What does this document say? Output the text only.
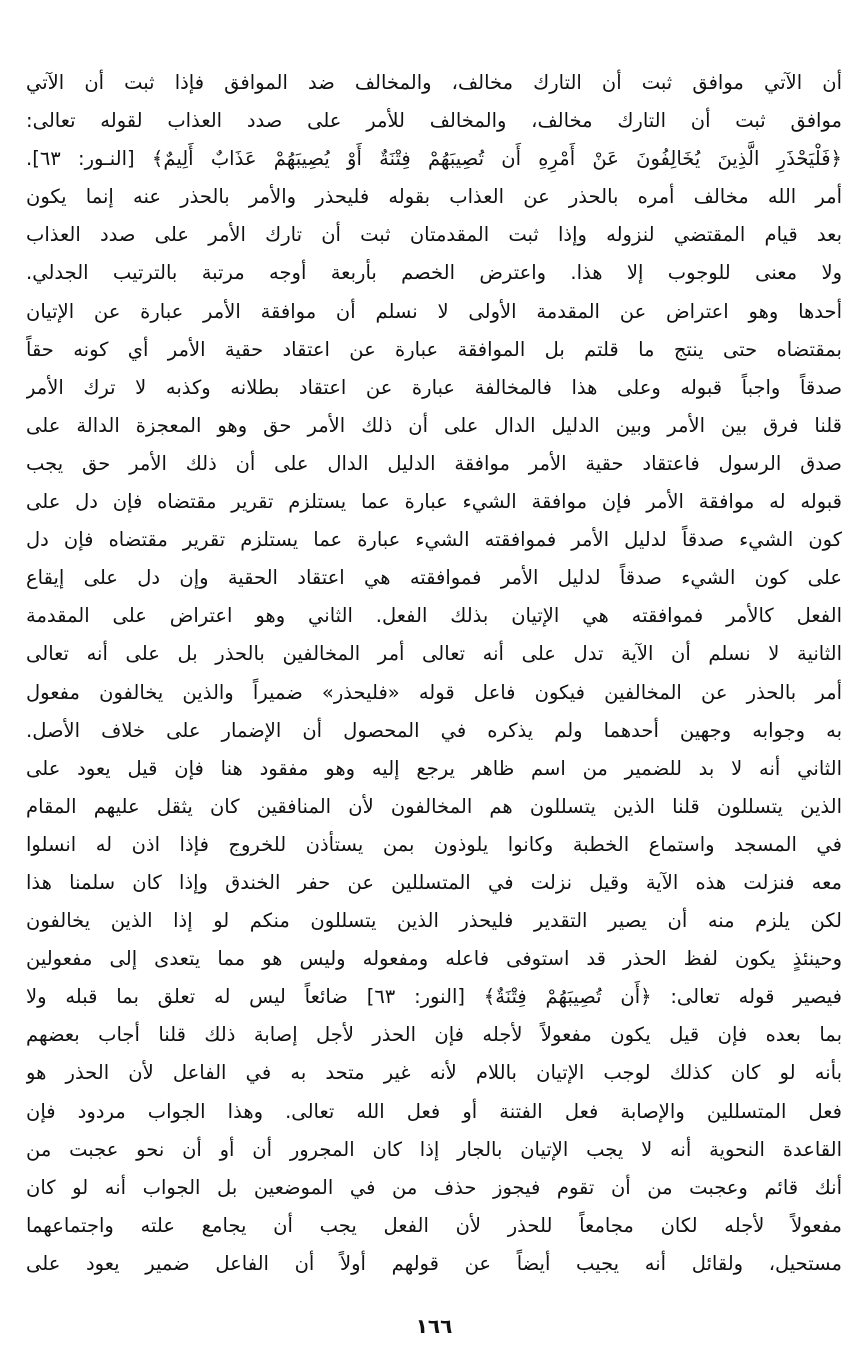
أن الآتي موافق ثبت أن التارك مخالف، والمخالف ضد الموافق فإذا ثبت أن الآتي
موافق ثبت أن التارك مخالف، والمخالف للأمر على صدد العذاب لقوله تعالى:
﴿فَلْيَحْذَرِ الَّذِينَ يُخَالِفُونَ عَنْ أَمْرِهِ أَن تُصِيبَهُمْ فِتْنَةٌ أَوْ يُصِيبَهُمْ عَذَابٌ أَلِيمٌ﴾ [النـور: ٦٣].
أمر الله مخالف أمره بالحذر عن العذاب بقوله فليحذر والأمر بالحذر عنه إنما يكون
بعد قيام المقتضي لنزوله وإذا ثبت المقدمتان ثبت أن تارك الأمر على صدد العذاب
ولا معنى للوجوب إلا هذا. واعترض الخصم بأربعة أوجه مرتبة بالترتيب الجدلي.
أحدها وهو اعتراض عن المقدمة الأولى لا نسلم أن موافقة الأمر عبارة عن الإتيان
بمقتضاه حتى ينتج ما قلتم بل الموافقة عبارة عن اعتقاد حقية الأمر أي كونه حقاً
صدقاً واجباً قبوله وعلى هذا فالمخالفة عبارة عن اعتقاد بطلانه وكذبه لا ترك الأمر
قلنا فرق بين الأمر وبين الدليل الدال على أن ذلك الأمر حق وهو المعجزة الدالة على
صدق الرسول فاعتقاد حقية الأمر موافقة الدليل الدال على أن ذلك الأمر حق يجب
قبوله له موافقة الأمر فإن موافقة الشيء عبارة عما يستلزم تقرير مقتضاه فإن دل على
كون الشيء صدقاً لدليل الأمر فموافقته الشيء عبارة عما يستلزم تقرير مقتضاه فإن دل
على كون الشيء صدقاً لدليل الأمر فموافقته هي اعتقاد الحقية وإن دل على إيقاع
الفعل كالأمر فموافقته هي الإتيان بذلك الفعل. الثاني وهو اعتراض على المقدمة
الثانية لا نسلم أن الآية تدل على أنه تعالى أمر المخالفين بالحذر بل على أنه تعالى
أمر بالحذر عن المخالفين فيكون فاعل قوله «فليحذر» ضميراً والذين يخالفون مفعول
به وجوابه وجهين أحدهما ولم يذكره في المحصول أن الإضمار على خلاف الأصل.
الثاني أنه لا بد للضمير من اسم ظاهر يرجع إليه وهو مفقود هنا فإن قيل يعود على
الذين يتسللون قلنا الذين يتسللون هم المخالفون لأن المنافقين كان يثقل عليهم المقام
في المسجد واستماع الخطبة وكانوا يلوذون بمن يستأذن للخروج فإذا اذن له انسلوا
معه فنزلت هذه الآية وقيل نزلت في المتسللين عن حفر الخندق وإذا كان سلمنا هذا
لكن يلزم منه أن يصير التقدير فليحذر الذين يتسللون منكم لو إذا الذين يخالفون
وحينئذٍ يكون لفظ الحذر قد استوفى فاعله ومفعوله وليس هو مما يتعدى إلى مفعولين
فيصير قوله تعالى: ﴿أَن تُصِيبَهُمْ فِتْنَةٌ﴾ [النور: ٦٣] ضائعاً ليس له تعلق بما قبله ولا
بما بعده فإن قيل يكون مفعولاً لأجله فإن الحذر لأجل إصابة ذلك قلنا أجاب بعضهم
بأنه لو كان كذلك لوجب الإتيان باللام لأنه غير متحد به في الفاعل لأن الحذر هو
فعل المتسللين والإصابة فعل الفتنة أو فعل الله تعالى. وهذا الجواب مردود فإن
القاعدة النحوية أنه لا يجب الإتيان بالجار إذا كان المجرور أن أو أن نحو عجبت من
أنك قائم وعجبت من أن تقوم فيجوز حذف من في الموضعين بل الجواب أنه لو كان
مفعولاً لأجله لكان مجامعاً للحذر لأن الفعل يجب أن يجامع علته واجتماعهما
مستحيل، ولقائل أنه يجيب أيضاً عن قولهم أولاً أن الفاعل ضمير يعود على
١٦٦
